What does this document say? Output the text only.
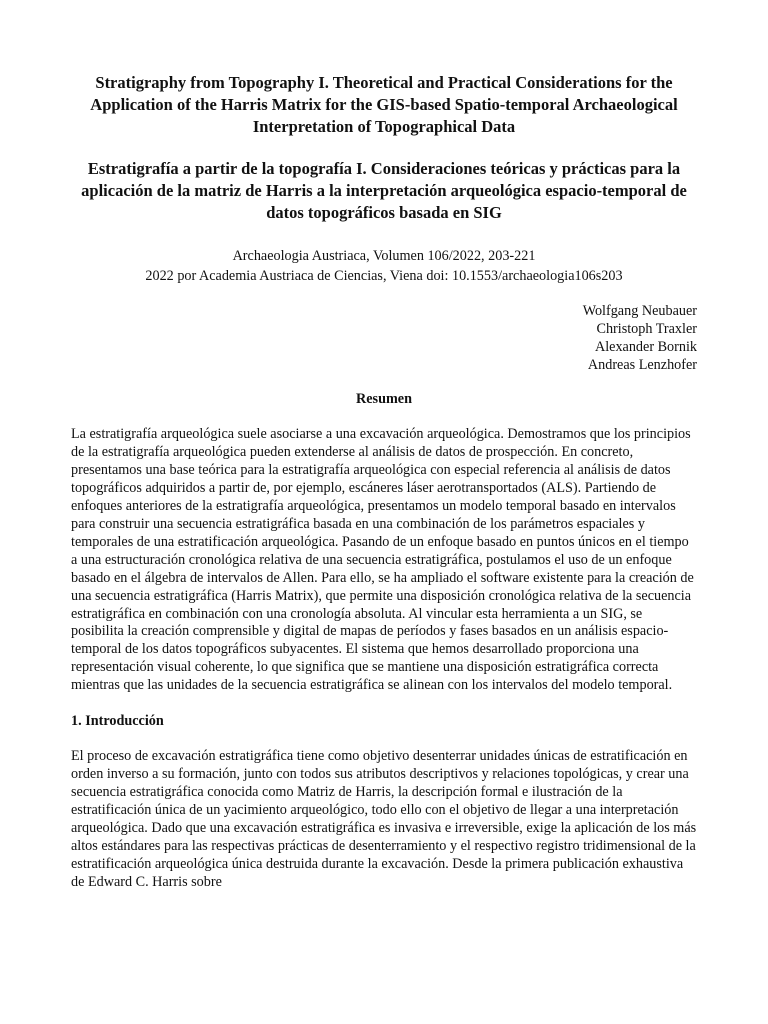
Stratigraphy from Topography I. Theoretical and Practical Considerations for the Application of the Harris Matrix for the GIS-based Spatio-temporal Archaeological Interpretation of Topographical Data
Estratigrafía a partir de la topografía I. Consideraciones teóricas y prácticas para la aplicación de la matriz de Harris a la interpretación arqueológica espacio-temporal de datos topográficos basada en SIG
Archaeologia Austriaca, Volumen 106/2022, 203-221
2022 por Academia Austriaca de Ciencias, Viena doi: 10.1553/archaeologia106s203
Wolfgang Neubauer
Christoph Traxler
Alexander Bornik
Andreas Lenzhofer
Resumen

La estratigrafía arqueológica suele asociarse a una excavación arqueológica. Demostramos que los principios de la estratigrafía arqueológica pueden extenderse al análisis de datos de prospección. En concreto, presentamos una base teórica para la estratigrafía arqueológica con especial referencia al análisis de datos topográficos adquiridos a partir de, por ejemplo, escáneres láser aerotransportados (ALS). Partiendo de enfoques anteriores de la estratigrafía arqueológica, presentamos un modelo temporal basado en intervalos para construir una secuencia estratigráfica basada en una combinación de los parámetros espaciales y temporales de una estratificación arqueológica. Pasando de un enfoque basado en puntos únicos en el tiempo a una estructuración cronológica relativa de una secuencia estratigráfica, postulamos el uso de un enfoque basado en el álgebra de intervalos de Allen. Para ello, se ha ampliado el software existente para la creación de una secuencia estratigráfica (Harris Matrix), que permite una disposición cronológica relativa de la secuencia estratigráfica en combinación con una cronología absoluta. Al vincular esta herramienta a un SIG, se posibilita la creación comprensible y digital de mapas de períodos y fases basados en un análisis espacio-temporal de los datos topográficos subyacentes. El sistema que hemos desarrollado proporciona una representación visual coherente, lo que significa que se mantiene una disposición estratigráfica correcta mientras que las unidades de la secuencia estratigráfica se alinean con los intervalos del modelo temporal.

1. Introducción

El proceso de excavación estratigráfica tiene como objetivo desenterrar unidades únicas de estratificación en orden inverso a su formación, junto con todos sus atributos descriptivos y relaciones topológicas, y crear una secuencia estratigráfica conocida como Matriz de Harris, la descripción formal e ilustración de la estratificación única de un yacimiento arqueológico, todo ello con el objetivo de llegar a una interpretación arqueológica. Dado que una excavación estratigráfica es invasiva e irreversible, exige la aplicación de los más altos estándares para las respectivas prácticas de desenterramiento y el respectivo registro tridimensional de la estratificación arqueológica única destruida durante la excavación. Desde la primera publicación exhaustiva de Edward C. Harris sobre
